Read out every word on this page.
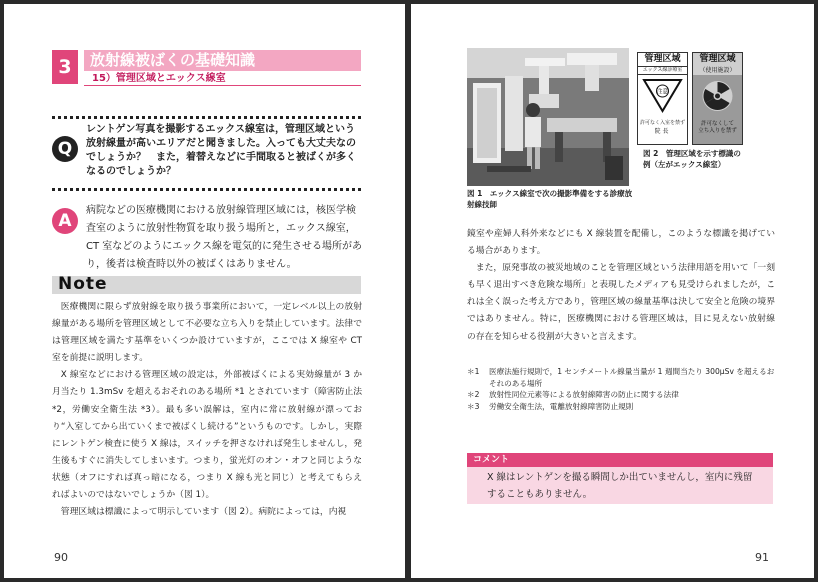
3	放射線被ばくの基礎知識
15）管理区域とエックス線室
Q
レントゲン写真を撮影するエックス線室は，管理区域という放射線量が高いエリアだと聞きました。入っても大丈夫なのでしょうか？　また，着替えなどに手間取ると被ばくが多くなるのでしょうか？
A
病院などの医療機関における放射線管理区域には，核医学検査室のように放射性物質を取り扱う場所と，エックス線室，CT 室などのようにエックス線を電気的に発生させる場所があり，後者は検査時以外の被ばくはありません。
Note

医療機関に限らず放射線を取り扱う事業所において，一定レベル以上の放射線量がある場所を管理区域として不必要な立ち入りを禁止しています。法律では管理区域を満たす基準をいくつか設けていますが，ここでは X 線室や CT 室を前提に説明します。

X 線室などにおける管理区域の設定は，外部被ばくによる実効線量が 3 か月当たり 1.3mSv を超えるおそれのある場所 *1 とされています（障害防止法 *2，労働安全衛生法 *3）。最も多い誤解は，室内に常に放射線が漂っており“入室してから出ていくまで被ばくし続ける”というものです。しかし，実際にレントゲン検査に使う X 線は，スイッチを押さなければ発生しませんし，発生後もすぐに消失してしまいます。つまり，蛍光灯のオン・オフと同じような状態（オフにすれば真っ暗になる，つまり X 線も光と同じ）と考えてもらえればよいのではないでしょうか（図 1）。

管理区域は標識によって明示しています（図 2）。病院によっては，内視

90
管理区域
エックス線診療室
注意
許可なく入室を禁ず
院長
管理区域
（使用施設）
許可なくして
立ち入りを禁ず
図 2　管理区域を示す標識の例（左がエックス線室）
図 1　エックス線室で次の撮影準備をする診療放射線技師

鏡室や産婦人科外来などにも X 線装置を配備し，このような標識を掲げている場合があります。

また，原発事故の被災地域のことを管理区域という法律用語を用いて「一刻も早く退出すべき危険な場所」と表現したメディアも見受けられましたが，これは全く誤った考え方であり，管理区域の線量基準は決して安全と危険の境界ではありません。特に，医療機関における管理区域は，目に見えない放射線の存在を知らせる役割が大きいと言えます。

＊1	医療法施行規則で，1 センチメートル線量当量が 1 週間当たり 300μSv を超えるおそれのある場所
＊2	放射性同位元素等による放射線障害の防止に関する法律
＊3	労働安全衛生法，電離放射線障害防止規則
コメント
X 線はレントゲンを撮る瞬間しか出ていませんし，室内に残留することもありません。
91
